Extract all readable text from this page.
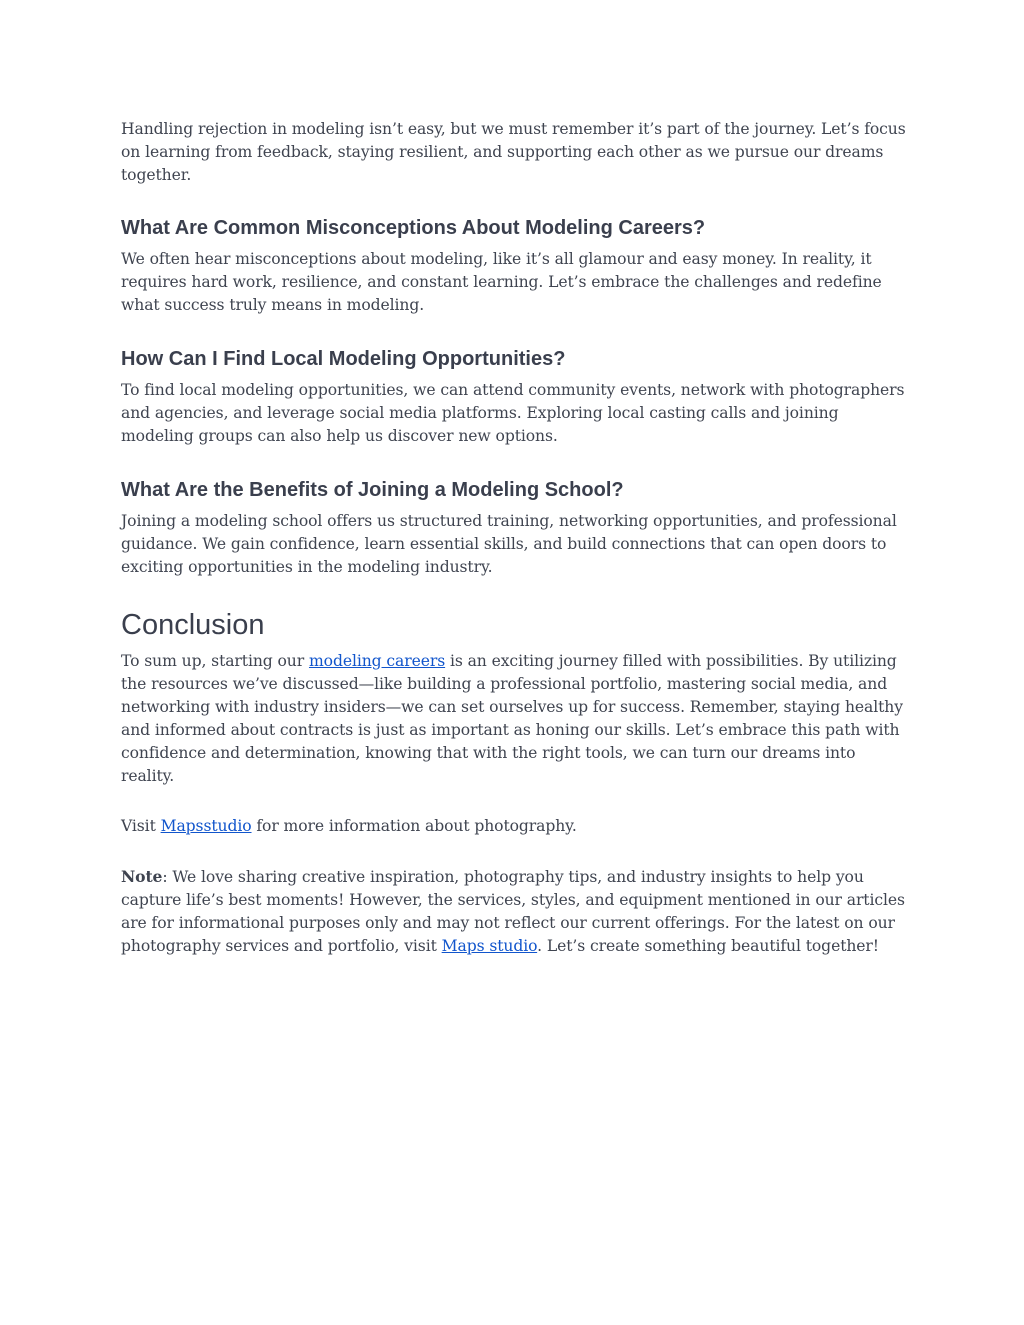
Handling rejection in modeling isn’t easy, but we must remember it’s part of the journey. Let’s focus on learning from feedback, staying resilient, and supporting each other as we pursue our dreams together.

What Are Common Misconceptions About Modeling Careers?

We often hear misconceptions about modeling, like it’s all glamour and easy money. In reality, it requires hard work, resilience, and constant learning. Let’s embrace the challenges and redefine what success truly means in modeling.

How Can I Find Local Modeling Opportunities?

To find local modeling opportunities, we can attend community events, network with photographers and agencies, and leverage social media platforms. Exploring local casting calls and joining modeling groups can also help us discover new options.

What Are the Benefits of Joining a Modeling School?

Joining a modeling school offers us structured training, networking opportunities, and professional guidance. We gain confidence, learn essential skills, and build connections that can open doors to exciting opportunities in the modeling industry.

Conclusion

To sum up, starting our modeling careers is an exciting journey filled with possibilities. By utilizing the resources we’ve discussed—like building a professional portfolio, mastering social media, and networking with industry insiders—we can set ourselves up for success. Remember, staying healthy and informed about contracts is just as important as honing our skills. Let’s embrace this path with confidence and determination, knowing that with the right tools, we can turn our dreams into reality.

Visit Mapsstudio for more information about photography.

Note: We love sharing creative inspiration, photography tips, and industry insights to help you capture life’s best moments! However, the services, styles, and equipment mentioned in our articles are for informational purposes only and may not reflect our current offerings. For the latest on our photography services and portfolio, visit Maps studio. Let’s create something beautiful together!
